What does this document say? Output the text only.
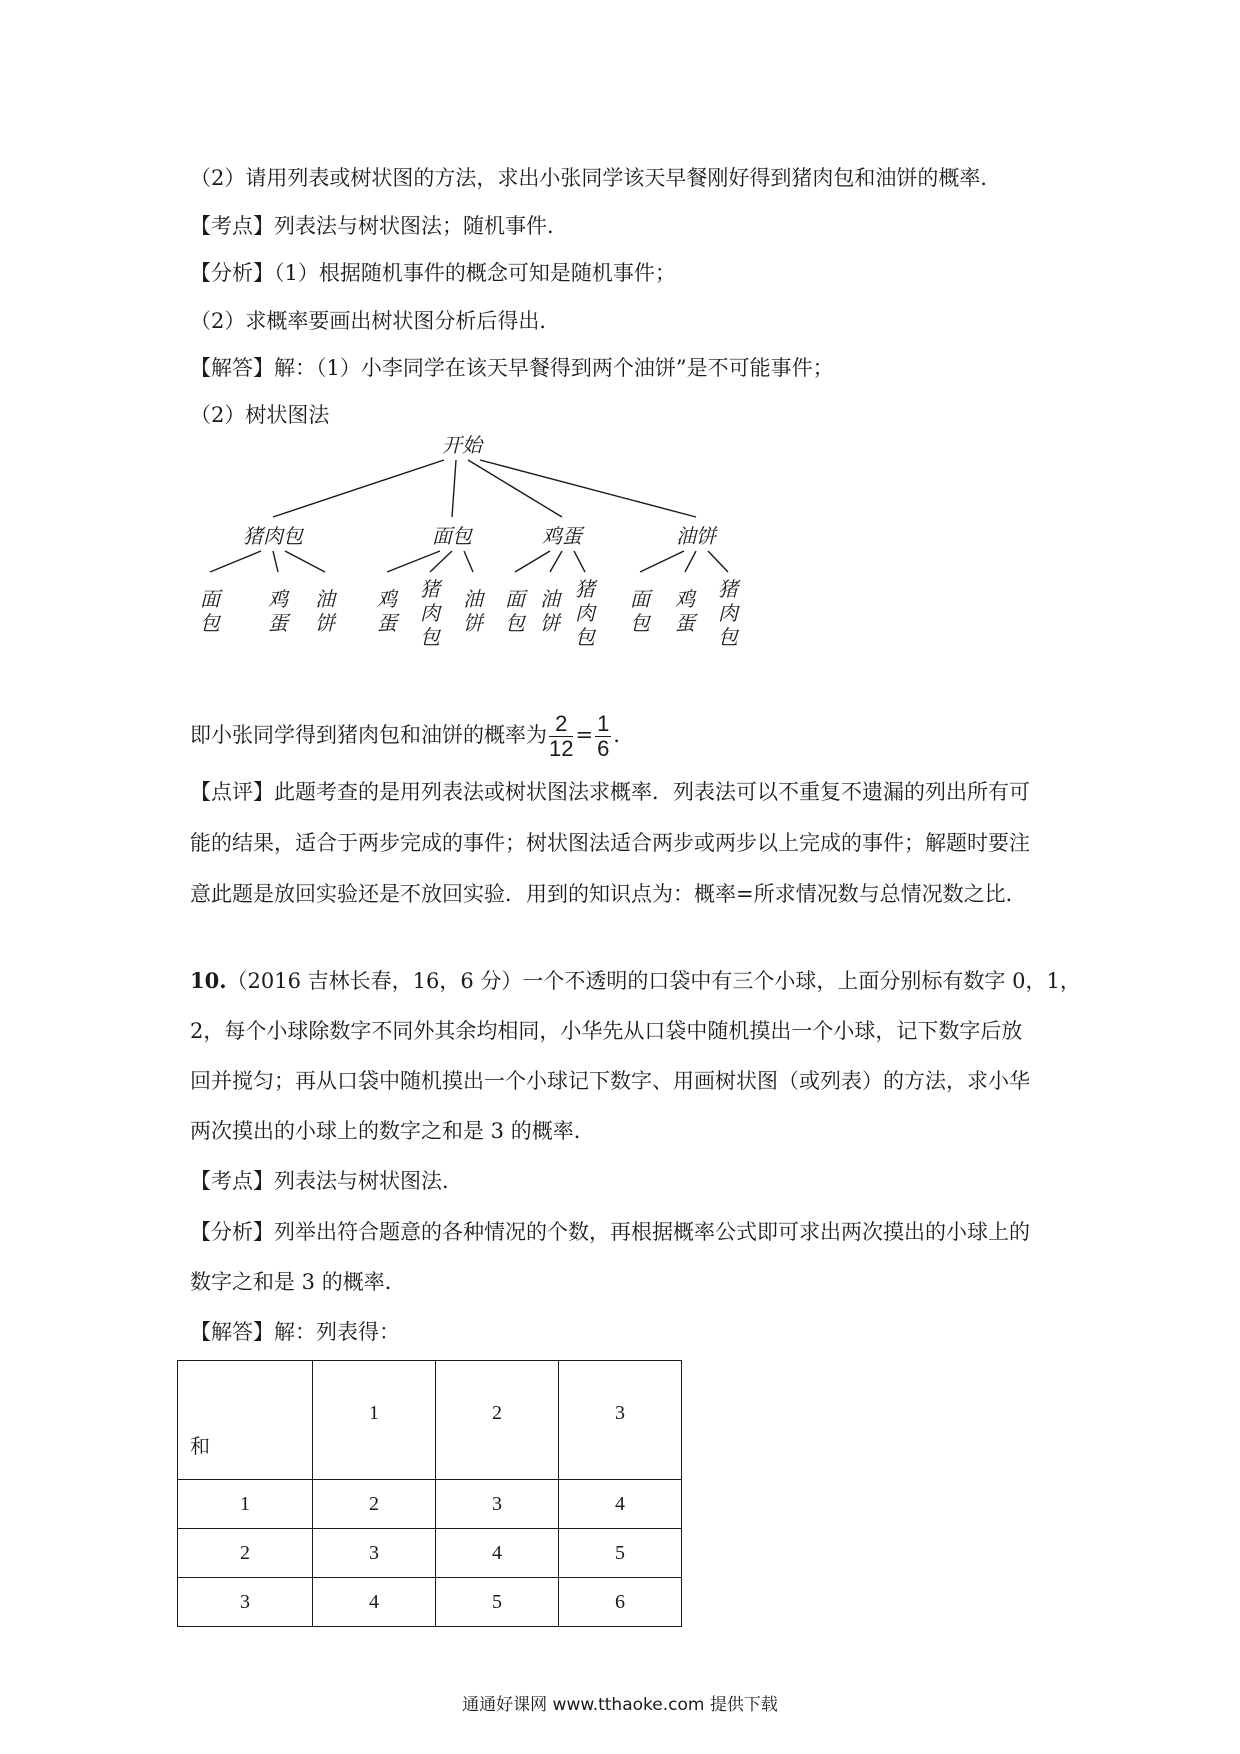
（2）请用列表或树状图的方法，求出小张同学该天早餐刚好得到猪肉包和油饼的概率．
【考点】列表法与树状图法；随机事件．
【分析】（1）根据随机事件的概念可知是随机事件；
（2）求概率要画出树状图分析后得出．
【解答】解：（1）小李同学在该天早餐得到两个油饼”是不可能事件；
（2）树状图法
开始
猪肉包
面包
鸡蛋
油饼
面包
鸡蛋
猪肉包
油饼
鸡蛋
面包
油饼
猪肉包
油饼
面包
鸡蛋
猪肉包
即小张同学得到猪肉包和油饼的概率为 $\frac{2}{12} = \frac{1}{6}$ ．
【点评】此题考查的是用列表法或树状图法求概率．列表法可以不重复不遗漏的列出所有可
能的结果，适合于两步完成的事件；树状图法适合两步或两步以上完成的事件；解题时要注
意此题是放回实验还是不放回实验．用到的知识点为：概率=所求情况数与总情况数之比．
10.（2016 吉林长春，16，6 分）一个不透明的口袋中有三个小球，上面分别标有数字 0，1，
2，每个小球除数字不同外其余均相同，小华先从口袋中随机摸出一个小球，记下数字后放
回并搅匀；再从口袋中随机摸出一个小球记下数字、用画树状图（或列表）的方法，求小华
两次摸出的小球上的数字之和是 3 的概率．
【考点】列表法与树状图法．
【分析】列举出符合题意的各种情况的个数，再根据概率公式即可求出两次摸出的小球上的
数字之和是 3 的概率．
【解答】解：列表得：
和	1	2	3
1	2	3	4
2	3	4	5
3	4	5	6
通通好课网 www.tthaoke.com 提供下载
